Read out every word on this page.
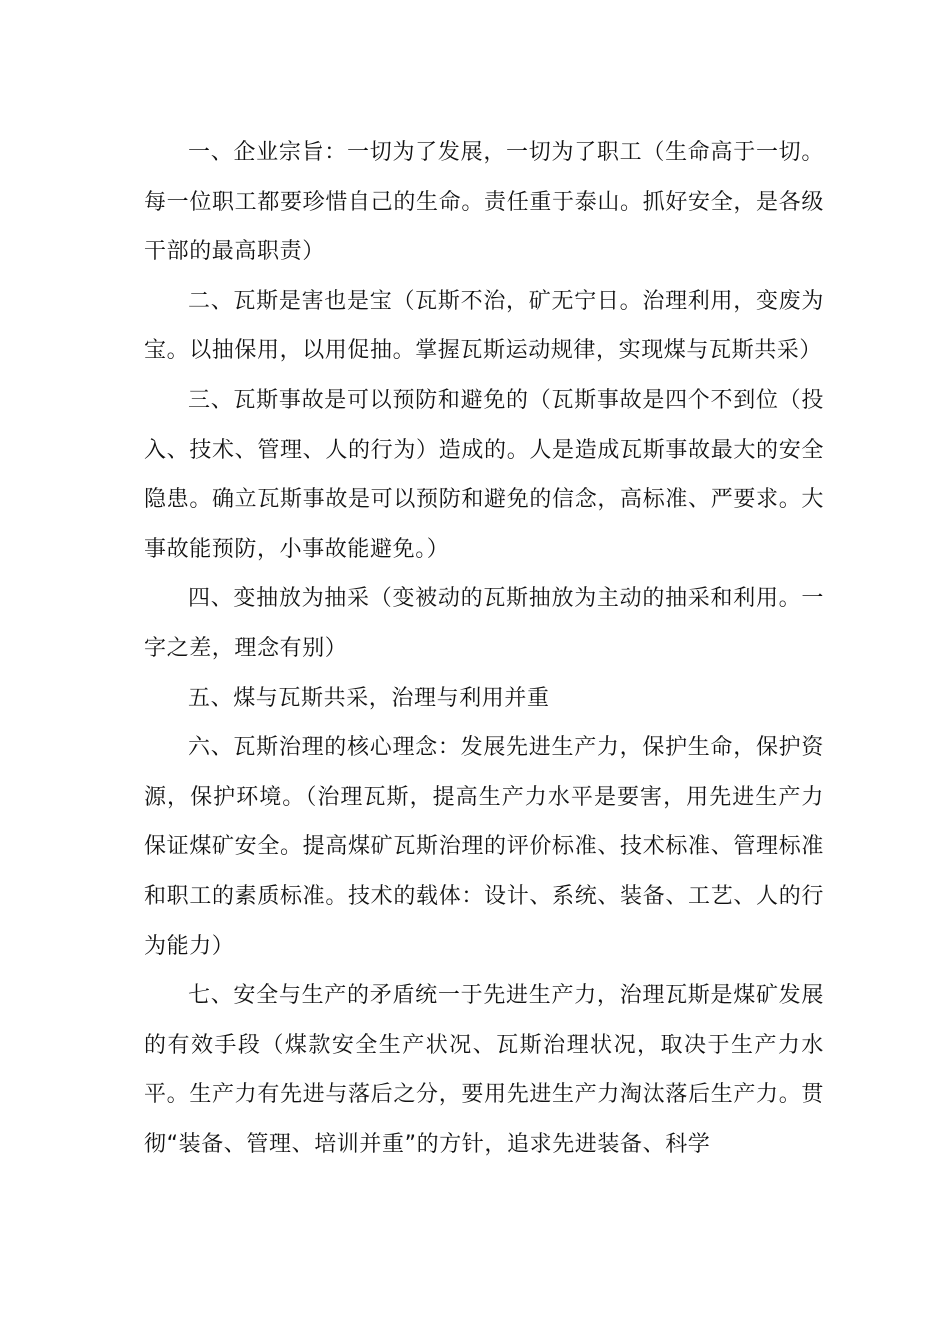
一、企业宗旨：一切为了发展，一切为了职工（生命高于一切。每一位职工都要珍惜自己的生命。责任重于泰山。抓好安全，是各级干部的最高职责）

二、瓦斯是害也是宝（瓦斯不治，矿无宁日。治理利用，变废为宝。以抽保用，以用促抽。掌握瓦斯运动规律，实现煤与瓦斯共采）

三、瓦斯事故是可以预防和避免的（瓦斯事故是四个不到位（投入、技术、管理、人的行为）造成的。人是造成瓦斯事故最大的安全隐患。确立瓦斯事故是可以预防和避免的信念，高标准、严要求。大事故能预防，小事故能避免。）

四、变抽放为抽采（变被动的瓦斯抽放为主动的抽采和利用。一字之差，理念有别）

五、煤与瓦斯共采，治理与利用并重

六、瓦斯治理的核心理念：发展先进生产力，保护生命，保护资源，保护环境。（治理瓦斯，提高生产力水平是要害，用先进生产力保证煤矿安全。提高煤矿瓦斯治理的评价标准、技术标准、管理标准和职工的素质标准。技术的载体：设计、系统、装备、工艺、人的行为能力）

七、安全与生产的矛盾统一于先进生产力，治理瓦斯是煤矿发展的有效手段（煤款安全生产状况、瓦斯治理状况，取决于生产力水平。生产力有先进与落后之分，要用先进生产力淘汰落后生产力。贯彻“装备、管理、培训并重”的方针，追求先进装备、科学
